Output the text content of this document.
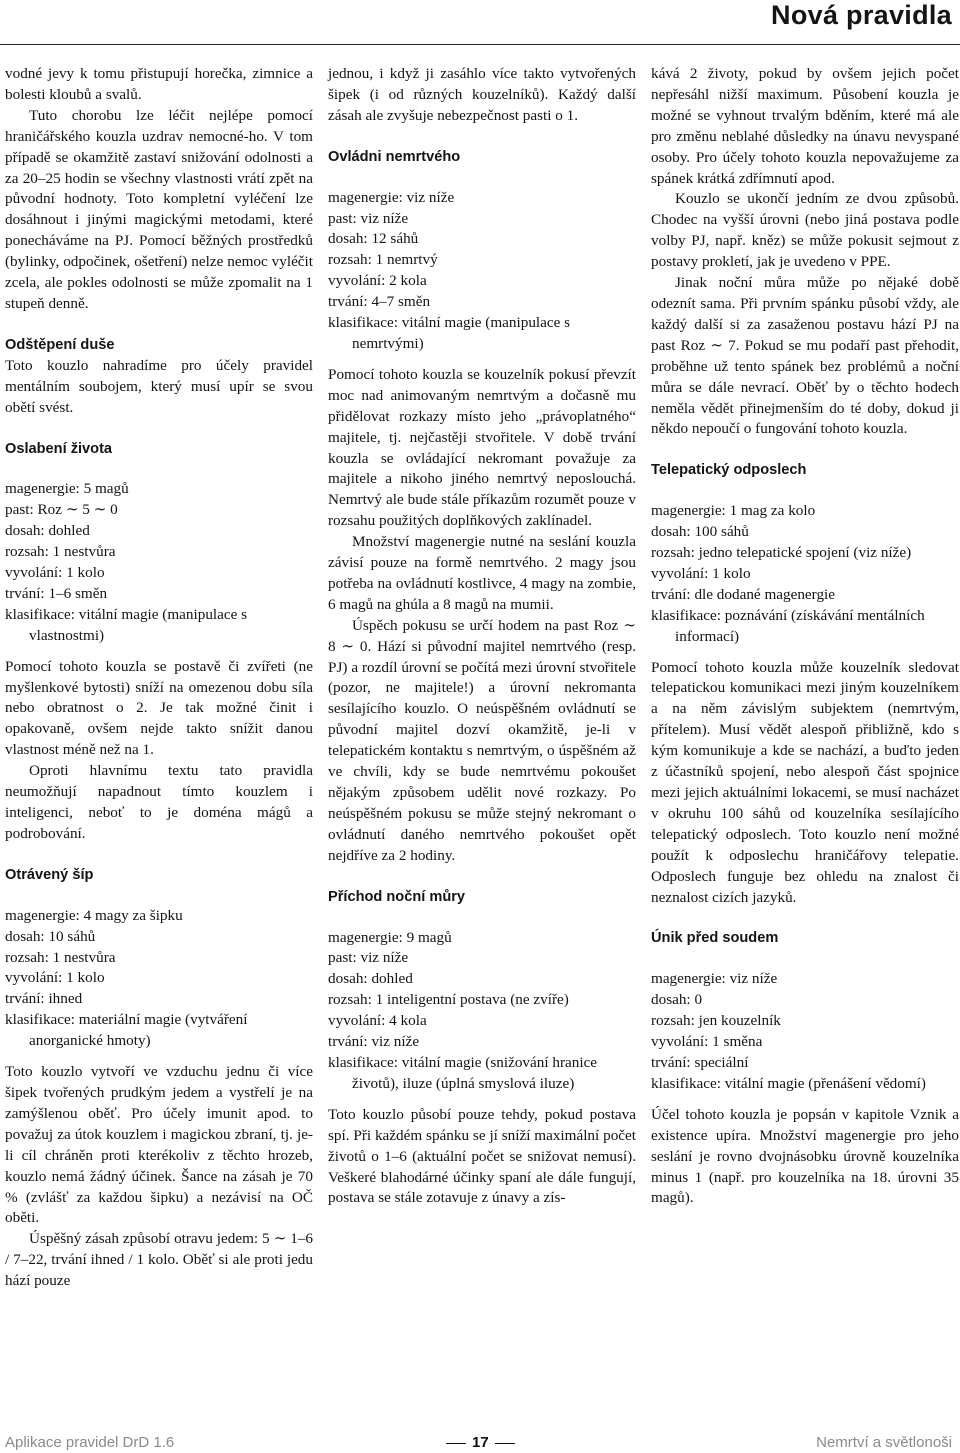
Nová pravidla

vodné jevy k tomu přistupují horečka, zimnice a bolesti kloubů a svalů.

Tuto chorobu lze léčit nejlépe pomocí hraničářského kouzla uzdrav nemocné-ho. V tom případě se okamžitě zastaví snižování odolnosti a za 20–25 hodin se všechny vlastnosti vrátí zpět na původní hodnoty. Toto kompletní vyléčení lze dosáhnout i jinými magickými metodami, které ponecháváme na PJ. Pomocí běžných prostředků (bylinky, odpočinek, ošetření) nelze nemoc vyléčit zcela, ale pokles odolnosti se může zpomalit na 1 stupeň denně.

Odštěpení duše

Toto kouzlo nahradíme pro účely pravidel mentálním soubojem, který musí upír se svou obětí svést.

Oslabení života

magenergie: 5 magů

past: Roz ∼ 5 ∼ 0

dosah: dohled

rozsah: 1 nestvůra

vyvolání: 1 kolo

trvání: 1–6 směn

klasifikace: vitální magie (manipulace s vlastnostmi)

Pomocí tohoto kouzla se postavě či zvířeti (ne myšlenkové bytosti) sníží na omezenou dobu síla nebo obratnost o 2. Je tak možné činit i opakovaně, ovšem nejde takto snížit danou vlastnost méně než na 1.

Oproti hlavnímu textu tato pravidla neumožňují napadnout tímto kouzlem i inteligenci, neboť to je doména mágů a podrobování.

Otrávený šíp

magenergie: 4 magy za šipku

dosah: 10 sáhů

rozsah: 1 nestvůra

vyvolání: 1 kolo

trvání: ihned

klasifikace: materiální magie (vytváření anorganické hmoty)

Toto kouzlo vytvoří ve vzduchu jednu či více šipek tvořených prudkým jedem a vystřelí je na zamýšlenou oběť. Pro účely imunit apod. to považuj za útok kouzlem i magickou zbraní, tj. je-li cíl chráněn proti kterékoliv z těchto hrozeb, kouzlo nemá žádný účinek. Šance na zásah je 70 % (zvlášť za každou šipku) a nezávisí na OČ oběti.

Úspěšný zásah způsobí otravu jedem: 5 ∼ 1–6 / 7–22, trvání ihned / 1 kolo. Oběť si ale proti jedu hází pouze

jednou, i když ji zasáhlo více takto vytvořených šipek (i od různých kouzelníků). Každý další zásah ale zvyšuje nebezpečnost pasti o 1.

Ovládni nemrtvého

magenergie: viz níže

past: viz níže

dosah: 12 sáhů

rozsah: 1 nemrtvý

vyvolání: 2 kola

trvání: 4–7 směn

klasifikace: vitální magie (manipulace s nemrtvými)

Pomocí tohoto kouzla se kouzelník pokusí převzít moc nad animovaným nemrtvým a dočasně mu přidělovat rozkazy místo jeho „právoplatného“ majitele, tj. nejčastěji stvořitele. V době trvání kouzla se ovládající nekromant považuje za majitele a nikoho jiného nemrtvý neposlouchá. Nemrtvý ale bude stále příkazům rozumět pouze v rozsahu použitých doplňkových zaklínadel.

Množství magenergie nutné na seslání kouzla závisí pouze na formě nemrtvého. 2 magy jsou potřeba na ovládnutí kostlivce, 4 magy na zombie, 6 magů na ghúla a 8 magů na mumii.

Úspěch pokusu se určí hodem na past Roz ∼ 8 ∼ 0. Hází si původní majitel nemrtvého (resp. PJ) a rozdíl úrovní se počítá mezi úrovní stvořitele (pozor, ne majitele!) a úrovní nekromanta sesílajícího kouzlo. O neúspěšném ovládnutí se původní majitel dozví okamžitě, je-li v telepatickém kontaktu s nemrtvým, o úspěšném až ve chvíli, kdy se bude nemrtvému pokoušet nějakým způsobem udělit nové rozkazy. Po neúspěšném pokusu se může stejný nekromant o ovládnutí daného nemrtvého pokoušet opět nejdříve za 2 hodiny.

Příchod noční můry

magenergie: 9 magů

past: viz níže

dosah: dohled

rozsah: 1 inteligentní postava (ne zvíře)

vyvolání: 4 kola

trvání: viz níže

klasifikace: vitální magie (snižování hranice životů), iluze (úplná smyslová iluze)

Toto kouzlo působí pouze tehdy, pokud postava spí. Při každém spánku se jí sníží maximální počet životů o 1–6 (aktuální počet se snižovat nemusí). Veškeré blahodárné účinky spaní ale dále fungují, postava se stále zotavuje z únavy a zís-

kává 2 životy, pokud by ovšem jejich počet nepřesáhl nižší maximum. Působení kouzla je možné se vyhnout trvalým bděním, které má ale pro změnu neblahé důsledky na únavu nevyspané osoby. Pro účely tohoto kouzla nepovažujeme za spánek krátká zdřímnutí apod.

Kouzlo se ukončí jedním ze dvou způsobů. Chodec na vyšší úrovni (nebo jiná postava podle volby PJ, např. kněz) se může pokusit sejmout z postavy prokletí, jak je uvedeno v PPE.

Jinak noční můra může po nějaké době odeznít sama. Při prvním spánku působí vždy, ale každý další si za zasaženou postavu hází PJ na past Roz ∼ 7. Pokud se mu podaří past přehodit, proběhne už tento spánek bez problémů a noční můra se dále nevrací. Oběť by o těchto hodech neměla vědět přinejmenším do té doby, dokud ji někdo nepoučí o fungování tohoto kouzla.

Telepatický odposlech

magenergie: 1 mag za kolo

dosah: 100 sáhů

rozsah: jedno telepatické spojení (viz níže)

vyvolání: 1 kolo

trvání: dle dodané magenergie

klasifikace: poznávání (získávání mentálních informací)

Pomocí tohoto kouzla může kouzelník sledovat telepatickou komunikaci mezi jiným kouzelníkem a na něm závislým subjektem (nemrtvým, přítelem). Musí vědět alespoň přibližně, kdo s kým komunikuje a kde se nachází, a buďto jeden z účastníků spojení, nebo alespoň část spojnice mezi jejich aktuálními lokacemi, se musí nacházet v okruhu 100 sáhů od kouzelníka sesílajícího telepatický odposlech. Toto kouzlo není možné použít k odposlechu hraničářovy telepatie. Odposlech funguje bez ohledu na znalost či neznalost cizích jazyků.

Únik před soudem

magenergie: viz níže

dosah: 0

rozsah: jen kouzelník

vyvolání: 1 směna

trvání: speciální

klasifikace: vitální magie (přenášení vědomí)

Účel tohoto kouzla je popsán v kapitole Vznik a existence upíra. Množství magenergie pro jeho seslání je rovno dvojnásobku úrovně kouzelníka minus 1 (např. pro kouzelníka na 18. úrovni 35 magů).

Aplikace pravidel DrD 1.6	17	Nemrtví a světlonoši
